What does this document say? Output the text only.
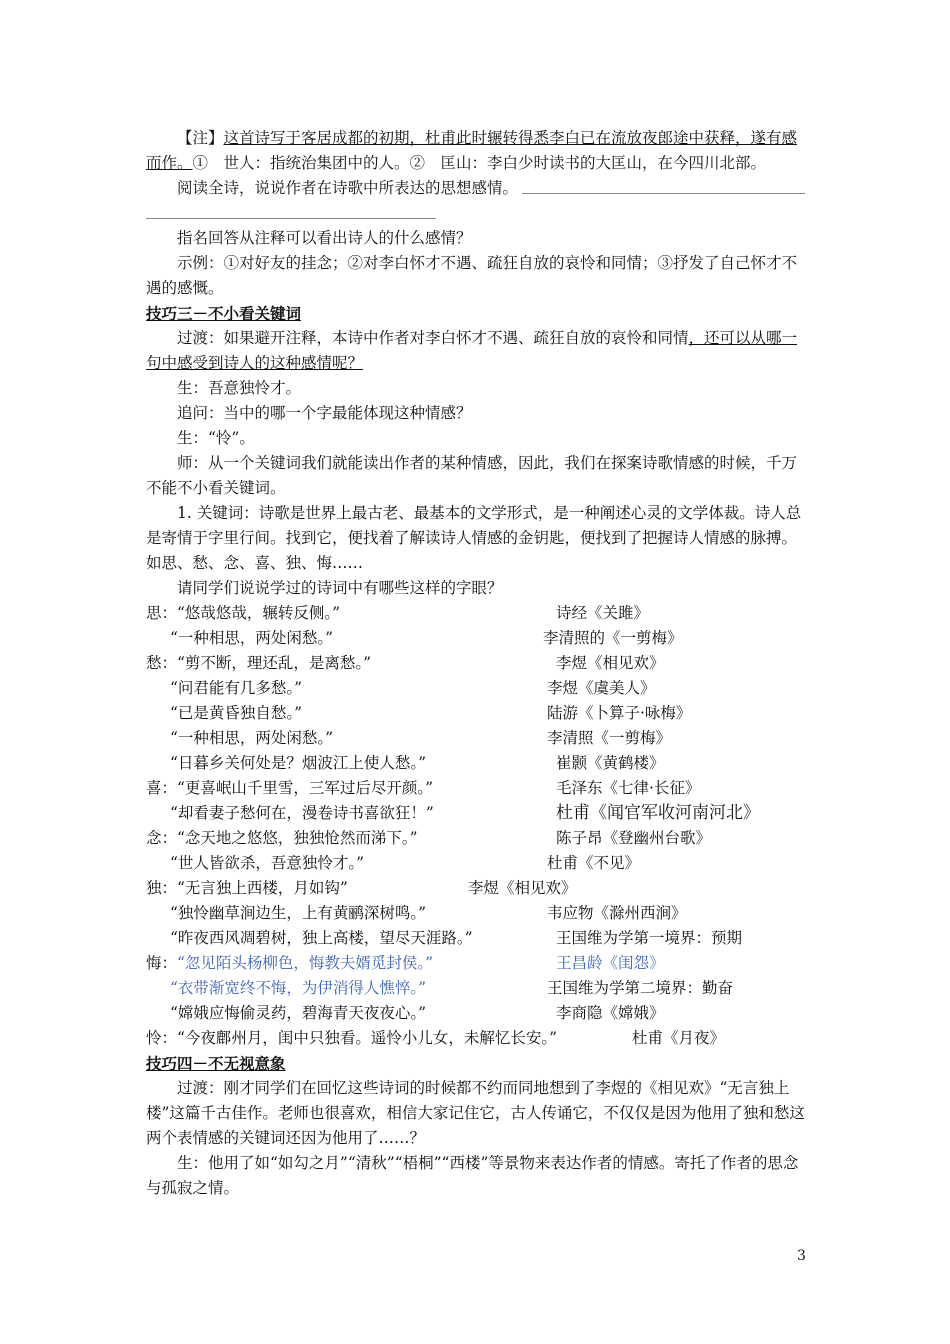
【注】这首诗写于客居成都的初期，杜甫此时辗转得悉李白已在流放夜郎途中获释，遂有感而作。①　世人：指统治集团中的人。②　匡山：李白少时读书的大匡山，在今四川北部。

阅读全诗，说说作者在诗歌中所表达的思想感情。

指名回答从注释可以看出诗人的什么感情？

示例：①对好友的挂念；②对李白怀才不遇、疏狂自放的哀怜和同情；③抒发了自己怀才不遇的感慨。

技巧三－不小看关键词

过渡：如果避开注释，本诗中作者对李白怀才不遇、疏狂自放的哀怜和同情，还可以从哪一句中感受到诗人的这种感情呢？

生：吾意独怜才。

追问：当中的哪一个字最能体现这种情感？

生：“怜”。

师：从一个关键词我们就能读出作者的某种情感，因此，我们在探案诗歌情感的时候，千万不能不小看关键词。

1. 关键词：诗歌是世界上最古老、最基本的文学形式，是一种阐述心灵的文学体裁。诗人总是寄情于字里行间。找到它，便找着了解读诗人情感的金钥匙，便找到了把握诗人情感的脉搏。如思、愁、念、喜、独、悔……

请同学们说说学过的诗词中有哪些这样的字眼？

思： “悠哉悠哉，辗转反侧。”	诗经《关雎》
“一种相思，两处闲愁。”	李清照的《一剪梅》
愁： “剪不断，理还乱，是离愁。”	李煜《相见欢》
“问君能有几多愁。”	李煜《虞美人》
“已是黄昏独自愁。”	陆游《卜算子·咏梅》
“一种相思，两处闲愁。”	李清照《一剪梅》
“日暮乡关何处是？烟波江上使人愁。”	崔颢《黄鹤楼》
喜： “更喜岷山千里雪，三军过后尽开颜。”	毛泽东《七律·长征》
“却看妻子愁何在，漫卷诗书喜欲狂！”	杜甫《闻官军收河南河北》
念： “念天地之悠悠，独独怆然而涕下。”	陈子昂《登幽州台歌》
“世人皆欲杀，吾意独怜才。”	杜甫《不见》
独： “无言独上西楼，月如钩”	李煜《相见欢》
“独怜幽草涧边生，上有黄鹂深树鸣。”	韦应物《滁州西涧》
“昨夜西风凋碧树，独上高楼，望尽天涯路。”	王国维为学第一境界：预期
悔： “忽见陌头杨柳色，悔教夫婿觅封侯。”	王昌龄《闺怨》
“衣带渐宽终不悔，为伊消得人憔悴。”	王国维为学第二境界：勤奋
“嫦娥应悔偷灵药，碧海青天夜夜心。”	李商隐《嫦娥》
怜： “今夜鄜州月，闺中只独看。遥怜小儿女，未解忆长安。”	杜甫《月夜》

技巧四－不无视意象

过渡：刚才同学们在回忆这些诗词的时候都不约而同地想到了李煜的《相见欢》“无言独上楼”这篇千古佳作。老师也很喜欢，相信大家记住它，古人传诵它，不仅仅是因为他用了独和愁这两个表情感的关键词还因为他用了……？

生：他用了如“如勾之月”“清秋”“梧桐”“西楼”等景物来表达作者的情感。寄托了作者的思念与孤寂之情。

3
